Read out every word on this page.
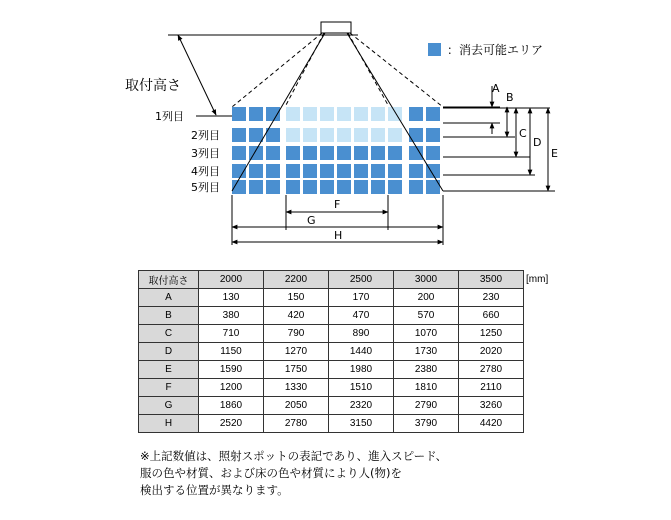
取付高さ
：消去可能エリア
1列目
2列目
3列目
4列目
5列目
A
B
C
D
E
F
G
H
取付高さ	2000	2200	2500	3000	3500
A	130	150	170	200	230
B	380	420	470	570	660
C	710	790	890	1070	1250
D	1150	1270	1440	1730	2020
E	1590	1750	1980	2380	2780
F	1200	1330	1510	1810	2110
G	1860	2050	2320	2790	3260
H	2520	2780	3150	3790	4420
[mm]
※上記数値は、照射スポットの表記であり、進入スピード、
服の色や材質、および床の色や材質により人(物)を
検出する位置が異なります。
